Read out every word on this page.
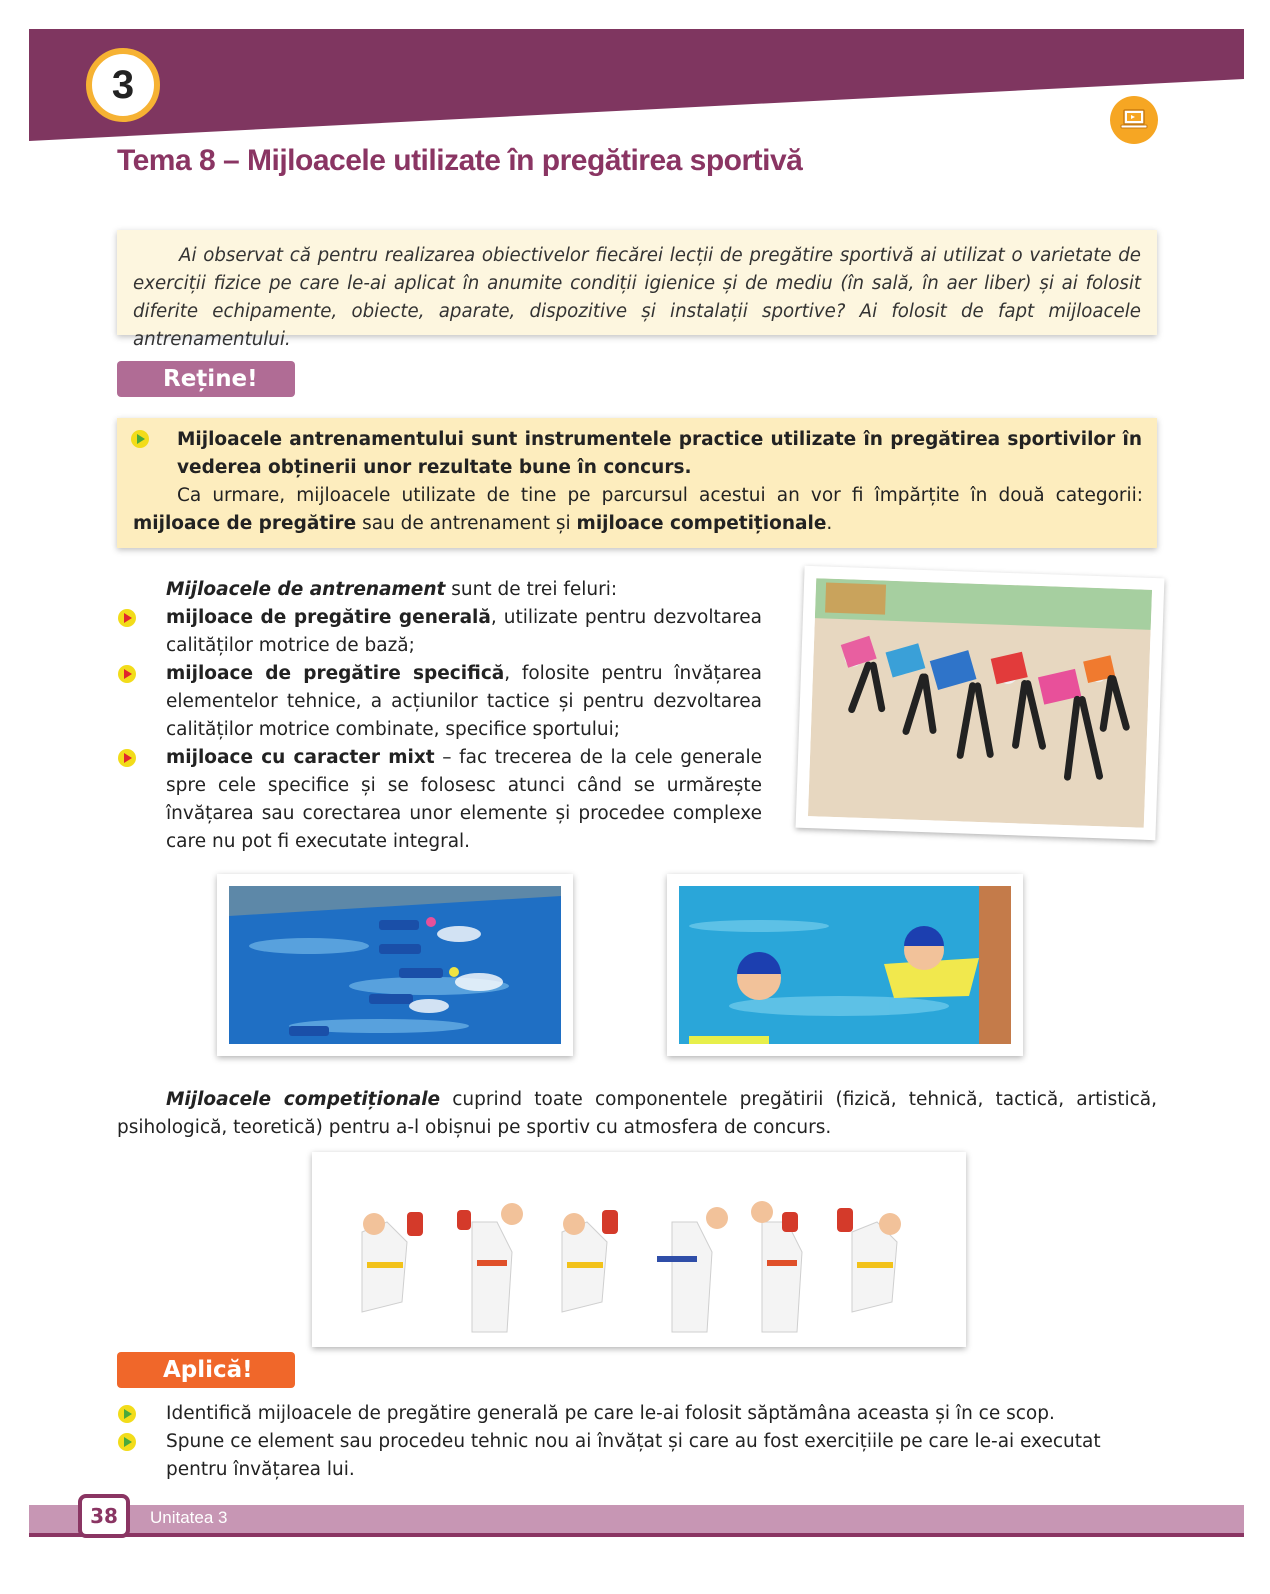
3
Tema 8 – Mijloacele utilizate în pregătirea sportivă

Ai observat că pentru realizarea obiectivelor fiecărei lecții de pregătire sportivă ai utilizat o varietate de exerciții fizice pe care le-ai aplicat în anumite condiții igienice și de mediu (în sală, în aer liber) și ai folosit diferite echipamente, obiecte, aparate, dispozitive și instalații sportive? Ai folosit de fapt mijloacele antrenamentului.

Reține!

Mijloacele antrenamentului sunt instrumentele practice utilizate în pregătirea sportivilor în vederea obținerii unor rezultate bune în concurs.

Ca urmare, mijloacele utilizate de tine pe parcursul acestui an vor fi împărțite în două categorii: mijloace de pregătire sau de antrenament și mijloace competiționale.

Mijloacele de antrenament sunt de trei feluri:

mijloace de pregătire generală, utilizate pentru dezvoltarea calităților motrice de bază;

mijloace de pregătire specifică, folosite pentru învățarea elementelor tehnice, a acțiunilor tactice și pentru dezvoltarea calităților motrice combinate, specifice sportului;

mijloace cu caracter mixt – fac trecerea de la cele generale spre cele specifice și se folosesc atunci când se urmărește învățarea sau corectarea unor elemente și procedee complexe care nu pot fi executate integral.

Mijloacele competiționale cuprind toate componentele pregătirii (fizică, tehnică, tactică, artistică, psihologică, teoretică) pentru a-l obișnui pe sportiv cu atmosfera de concurs.

Aplică!

Identifică mijloacele de pregătire generală pe care le-ai folosit săptămâna aceasta și în ce scop.

Spune ce element sau procedeu tehnic nou ai învățat și care au fost exercițiile pe care le-ai executat pentru învățarea lui.

38	Unitatea 3
